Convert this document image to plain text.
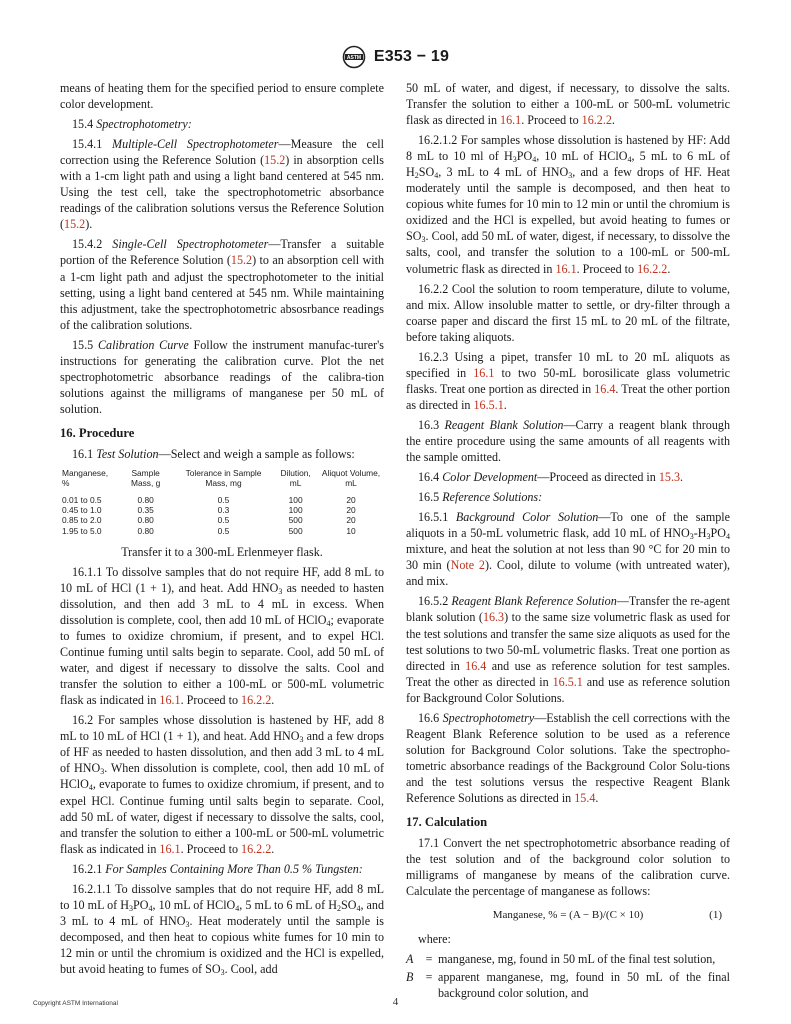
ASTM E353 − 19

means of heating them for the specified period to ensure complete color development.

15.4 Spectrophotometry:

15.4.1 Multiple-Cell Spectrophotometer—Measure the cell correction using the Reference Solution (15.2) in absorption cells with a 1-cm light path and using a light band centered at 545 nm. Using the test cell, take the spectrophotometric absorbance readings of the calibration solutions versus the Reference Solution (15.2).

15.4.2 Single-Cell Spectrophotometer—Transfer a suitable portion of the Reference Solution (15.2) to an absorption cell with a 1-cm light path and adjust the spectrophotometer to the initial setting, using a light band centered at 545 nm. While maintaining this adjustment, take the spectrophotometric absosrbance readings of the calibration solutions.

15.5 Calibration Curve Follow the instrument manufac-turer's instructions for generating the calibration curve. Plot the net spectrophotometric absorbance readings of the calibra-tion solutions against the milligrams of manganese per 50 mL of solution.

16. Procedure

16.1 Test Solution—Select and weigh a sample as follows:

Manganese, %	Sample Mass, g	Tolerance in Sample Mass, mg	Dilution, mL	Aliquot Volume, mL
0.01 to 0.5	0.80	0.5	100	20
0.45 to 1.0	0.35	0.3	100	20
0.85 to 2.0	0.80	0.5	500	20
1.95 to 5.0	0.80	0.5	500	10

Transfer it to a 300-mL Erlenmeyer flask.

16.1.1 To dissolve samples that do not require HF, add 8 mL to 10 mL of HCl (1 + 1), and heat. Add $HNO_3$ as needed to hasten dissolution, and then add 3 mL to 4 mL in excess. When dissolution is complete, cool, then add 10 mL of HClO$_4$; evaporate to fumes to oxidize chromium, if present, and to expel HCl. Continue fuming until salts begin to separate. Cool, add 50 mL of water, and digest if necessary to dissolve the salts. Cool and transfer the solution to either a 100-mL or 500-mL volumetric flask as indicated in 16.1. Proceed to 16.2.2.

16.2 For samples whose dissolution is hastened by HF, add 8 mL to 10 mL of HCl (1 + 1), and heat. Add $HNO_3$ and a few drops of HF as needed to hasten dissolution, and then add 3 mL to 4 mL of $HNO_3$. When dissolution is complete, cool, then add 10 mL of HClO$_4$, evaporate to fumes to oxidize chromium, if present, and to expel HCl. Continue fuming until salts begin to separate. Cool, add 50 mL of water, digest if necessary to dissolve the salts, cool, and transfer the solution to either a 100-mL or 500-mL volumetric flask as indicated in 16.1. Proceed to 16.2.2.

16.2.1 For Samples Containing More Than 0.5 % Tungsten:

16.2.1.1 To dissolve samples that do not require HF, add 8 mL to 10 mL of $H_3PO_4$, 10 mL of HClO$_4$, 5 mL to 6 mL of $H_2SO_4$, and 3 mL to 4 mL of $HNO_3$. Heat moderately until the sample is decomposed, and then heat to copious white fumes for 10 min to 12 min or until the chromium is oxidized and the HCl is expelled, but avoid heating to fumes of $SO_3$. Cool, add

50 mL of water, and digest, if necessary, to dissolve the salts. Transfer the solution to either a 100-mL or 500-mL volumetric flask as directed in 16.1. Proceed to 16.2.2.

16.2.1.2 For samples whose dissolution is hastened by HF: Add 8 mL to 10 ml of $H_3PO_4$, 10 mL of HClO$_4$, 5 mL to 6 mL of $H_2SO_4$, 3 mL to 4 mL of $HNO_3$, and a few drops of HF. Heat moderately until the sample is decomposed, and then heat to copious white fumes for 10 min to 12 min or until the chromium is oxidized and the HCl is expelled, but avoid heating to fumes or $SO_3$. Cool, add 50 mL of water, digest, if necessary, to dissolve the salts, cool, and transfer the solution to a 100-mL or 500-mL volumetric flask as directed in 16.1. Proceed to 16.2.2.

16.2.2 Cool the solution to room temperature, dilute to volume, and mix. Allow insoluble matter to settle, or dry-filter through a coarse paper and discard the first 15 mL to 20 mL of the filtrate, before taking aliquots.

16.2.3 Using a pipet, transfer 10 mL to 20 mL aliquots as specified in 16.1 to two 50-mL borosilicate glass volumetric flasks. Treat one portion as directed in 16.4. Treat the other portion as directed in 16.5.1.

16.3 Reagent Blank Solution—Carry a reagent blank through the entire procedure using the same amounts of all reagents with the sample omitted.

16.4 Color Development—Proceed as directed in 15.3.

16.5 Reference Solutions:

16.5.1 Background Color Solution—To one of the sample aliquots in a 50-mL volumetric flask, add 10 mL of $HNO_3-H_3PO_4$ mixture, and heat the solution at not less than 90 °C for 20 min to 30 min (Note 2). Cool, dilute to volume (with untreated water), and mix.

16.5.2 Reagent Blank Reference Solution—Transfer the re-agent blank solution (16.3) to the same size volumetric flask as used for the test solutions and transfer the same size aliquots as used for the test solutions to two 50-mL volumetric flasks. Treat one portion as directed in 16.4 and use as reference solution for test samples. Treat the other as directed in 16.5.1 and use as reference solution for Background Color Solutions.

16.6 Spectrophotometry—Establish the cell corrections with the Reagent Blank Reference solution to be used as a reference solution for Background Color solutions. Take the spectropho-tometric absorbance readings of the Background Color Solu-tions and the test solutions versus the respective Reagent Blank Reference Solutions as directed in 15.4.

17. Calculation

17.1 Convert the net spectrophotometric absorbance reading of the test solution and of the background color solution to milligrams of manganese by means of the calibration curve. Calculate the percentage of manganese as follows:

Manganese, % = (A − B)/(C × 10)	(1)

where:

A	= manganese, mg, found in 50 mL of the final test solution,
B	= apparent manganese, mg, found in 50 mL of the final background color solution, and
Copyright ASTM International	4
